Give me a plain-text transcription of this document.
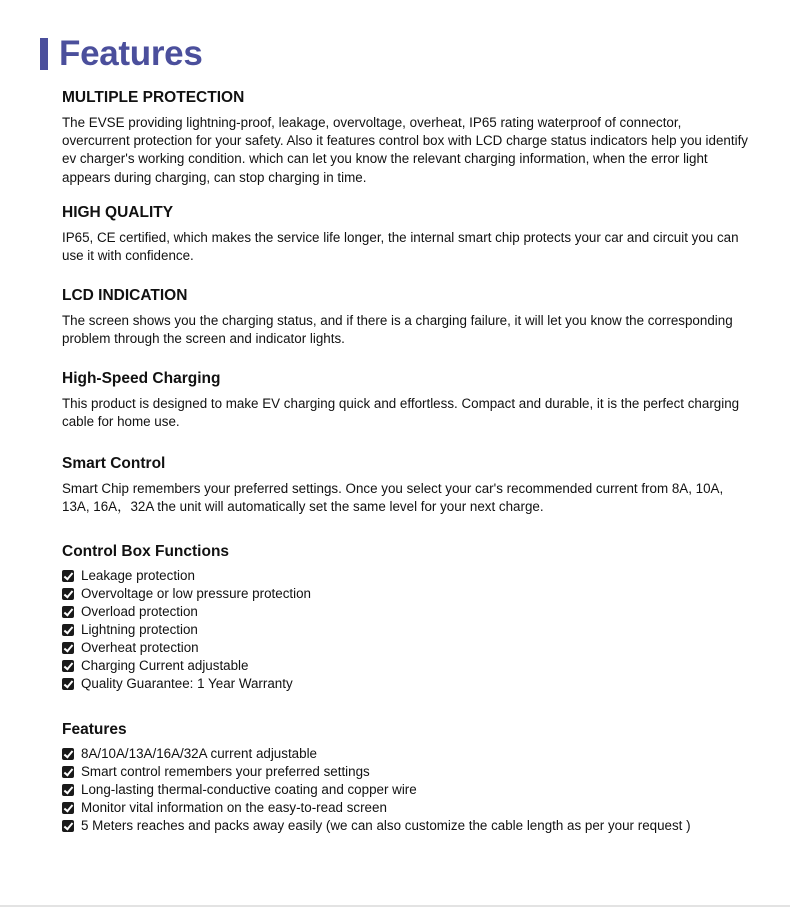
Features
MULTIPLE PROTECTION
The EVSE providing lightning-proof, leakage, overvoltage, overheat, IP65 rating waterproof of connector, overcurrent protection for your safety. Also it features control box with LCD charge status indicators help you identify ev charger's working condition. which can let you know the relevant charging information, when the error light appears during charging, can stop charging in time.
HIGH QUALITY
IP65, CE certified, which makes the service life longer, the internal smart chip protects your car and circuit you can use it with confidence.
LCD INDICATION
The screen shows you the charging status, and if there is a charging failure, it will let you know the corresponding problem through the screen and indicator lights.
High-Speed Charging
This product is designed to make EV charging quick and effortless. Compact and durable, it is the perfect charging cable for home use.
Smart Control
Smart Chip remembers your preferred settings. Once you select your car's recommended current from 8A, 10A, 13A, 16A，32A the unit will automatically set the same level for your next charge.
Control Box Functions
Leakage protection
Overvoltage or low pressure protection
Overload protection
Lightning protection
Overheat protection
Charging Current adjustable
Quality Guarantee: 1 Year Warranty
Features
8A/10A/13A/16A/32A current adjustable
Smart control remembers your preferred settings
Long-lasting thermal-conductive coating and copper wire
Monitor vital information on the easy-to-read screen
5 Meters reaches and packs away easily (we can also customize the cable length as per your request )
